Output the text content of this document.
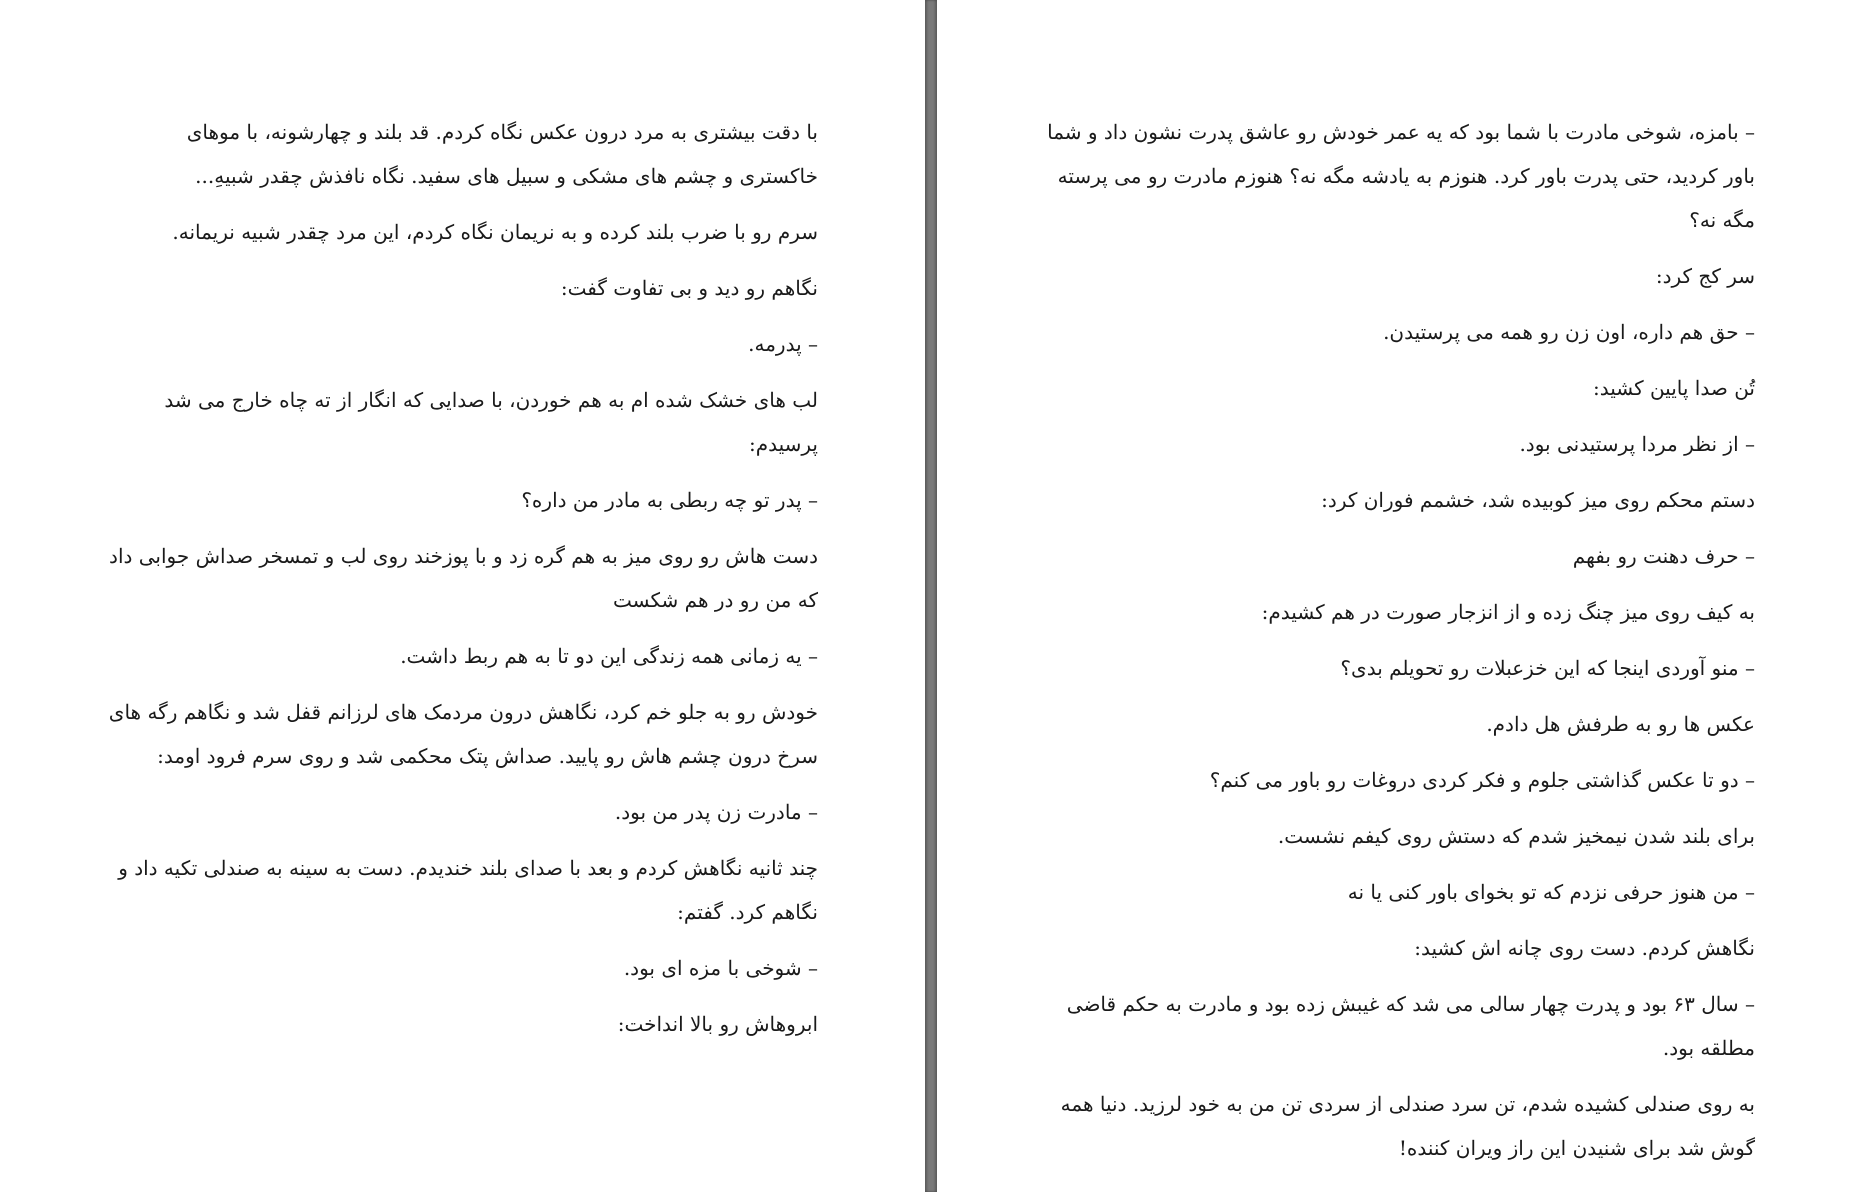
با دقت بیشتری به مرد درون عکس نگاه کردم. قد بلند و چهارشونه، با موهای خاکستری و چشم های مشکی و سبیل های سفید. نگاه نافذش چقدر شبیهِ...

سرم رو با ضرب بلند کرده و به نریمان نگاه کردم، این مرد چقدر شبیه نریمانه.

نگاهم رو دید و بی تفاوت گفت:

– پدرمه.

لب های خشک شده ام به هم خوردن، با صدایی که انگار از ته چاه خارج می شد پرسیدم:

– پدر تو چه ربطی به مادر من داره؟

دست هاش رو روی میز به هم گره زد و با پوزخند روی لب و تمسخر صداش جوابی داد که من رو در هم شکست

– یه زمانی همه زندگی این دو تا به هم ربط داشت.

خودش رو به جلو خم کرد، نگاهش درون مردمک های لرزانم قفل شد و نگاهم رگه های سرخ درون چشم هاش رو پایید. صداش پتک محکمی شد و روی سرم فرود اومد:

– مادرت زن پدر من بود.

چند ثانیه نگاهش کردم و بعد با صدای بلند خندیدم. دست به سینه به صندلی تکیه داد و نگاهم کرد. گفتم:

– شوخی با مزه ای بود.

ابروهاش رو بالا انداخت:

– بامزه، شوخی مادرت با شما بود که یه عمر خودش رو عاشق پدرت نشون داد و شما باور کردید، حتی پدرت باور کرد. هنوزم به یادشه مگه نه؟ هنوزم مادرت رو می پرسته مگه نه؟

سر کج کرد:

– حق هم داره، اون زن رو همه می پرستیدن.

تُن صدا پایین کشید:

– از نظر مردا پرستیدنی بود.

دستم محکم روی میز کوبیده شد، خشمم فوران کرد:

– حرف دهنت رو بفهم

به کیف روی میز چنگ زده و از انزجار صورت در هم کشیدم:

– منو آوردی اینجا که این خزعبلات رو تحویلم بدی؟

عکس ها رو به طرفش هل دادم.

– دو تا عکس گذاشتی جلوم و فکر کردی دروغات رو باور می کنم؟

برای بلند شدن نیمخیز شدم که دستش روی کیفم نشست.

– من هنوز حرفی نزدم که تو بخوای باور کنی یا نه

نگاهش کردم. دست روی چانه اش کشید:

– سال ۶۳ بود و پدرت چهار سالی می شد که غیبش زده بود و مادرت به حکم قاضی مطلقه بود.

به روی صندلی کشیده شدم، تن سرد صندلی از سردی تن من به خود لرزید. دنیا همه گوش شد برای شنیدن این راز ویران کننده!
